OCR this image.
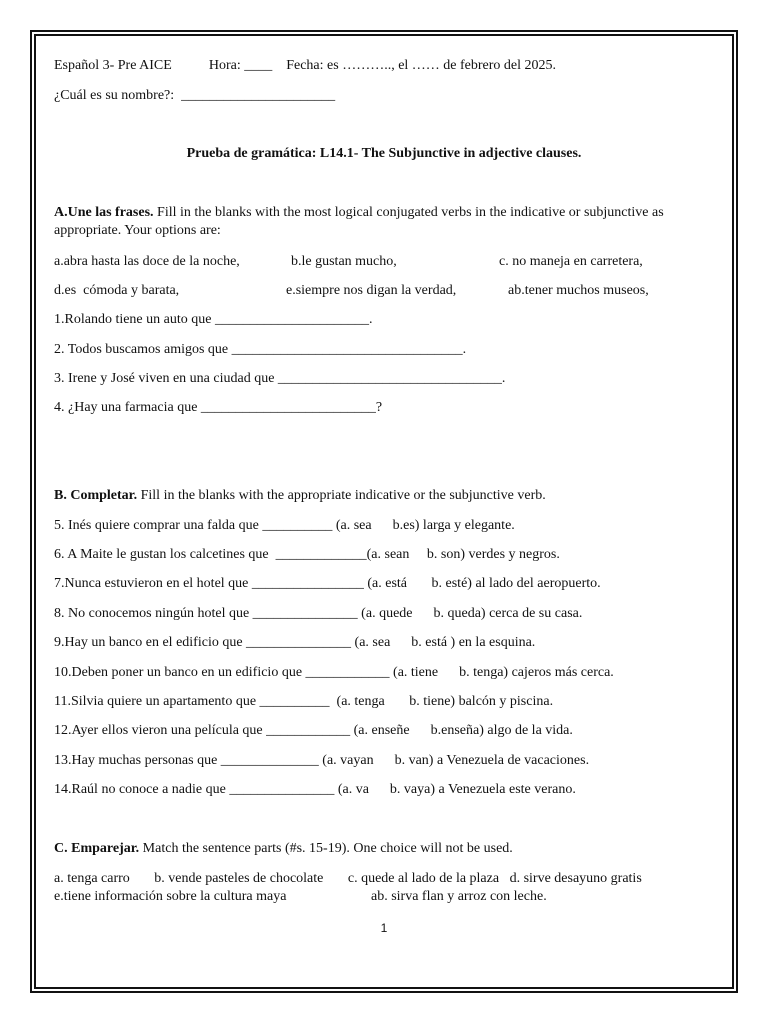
Español 3- Pre AICE	Hora: ____ Fecha: es ……….., el …… de febrero del 2025.
¿Cuál es su nombre?:  ______________________
Prueba de gramática: L14.1- The Subjunctive in adjective clauses.
A.Une las frases. Fill in the blanks with the most logical conjugated verbs in the indicative or subjunctive as appropriate. Your options are:
a.abra hasta las doce de la noche,	b.le gustan mucho,	c. no maneja en carretera,
d.es  cómoda y barata,	e.siempre nos digan la verdad,	ab.tener muchos museos,
1.Rolando tiene un auto que ______________________.
2. Todos buscamos amigos que _________________________________.
3. Irene y José viven en una ciudad que ________________________________.
4. ¿Hay una farmacia que _________________________?
B. Completar. Fill in the blanks with the appropriate indicative or the subjunctive verb.
5. Inés quiere comprar una falda que __________ (a. sea      b.es) larga y elegante.
6. A Maite le gustan los calcetines que  _____________(a. sean     b. son) verdes y negros.
7.Nunca estuvieron en el hotel que ________________ (a. está       b. esté) al lado del aeropuerto.
8. No conocemos ningún hotel que _______________ (a. quede      b. queda) cerca de su casa.
9.Hay un banco en el edificio que _______________ (a. sea      b. está ) en la esquina.
10.Deben poner un banco en un edificio que ____________ (a. tiene      b. tenga) cajeros más cerca.
11.Silvia quiere un apartamento que __________  (a. tenga       b. tiene) balcón y piscina.
12.Ayer ellos vieron una película que ____________ (a. enseñe      b.enseña) algo de la vida.
13.Hay muchas personas que ______________ (a. vayan      b. van) a Venezuela de vacaciones.
14.Raúl no conoce a nadie que _______________ (a. va      b. vaya) a Venezuela este verano.
C. Emparejar. Match the sentence parts (#s. 15-19). One choice will not be used.
a. tenga carro       b. vende pasteles de chocolate       c. quede al lado de la plaza   d. sirve desayuno gratis
e.tiene información sobre la cultura maya	ab. sirva flan y arroz con leche.
1
